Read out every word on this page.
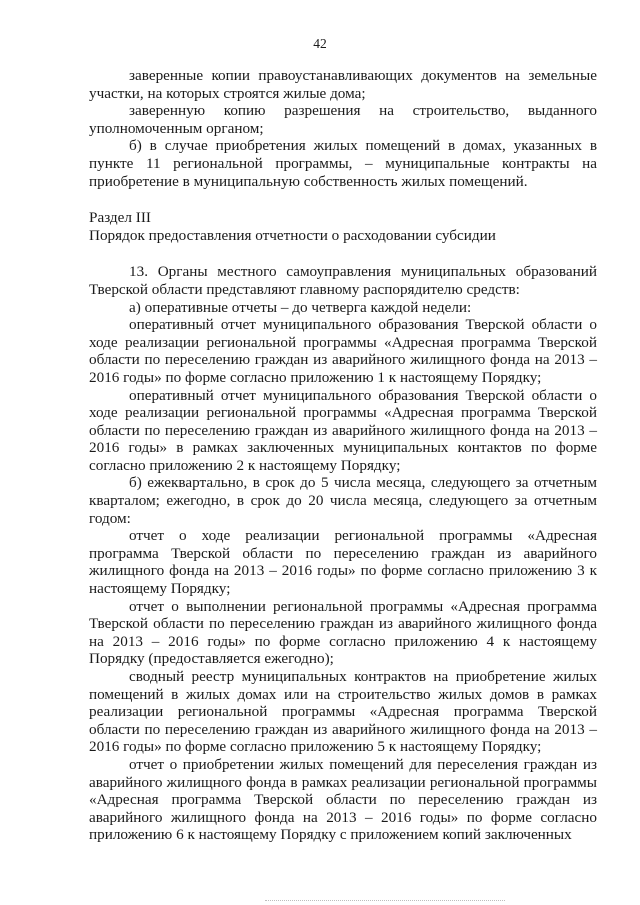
42

заверенные копии правоустанавливающих документов на земельные участки, на которых строятся жилые дома;

заверенную копию разрешения на строительство, выданного уполномоченным органом;

б) в случае приобретения жилых помещений в домах, указанных в пункте 11 региональной программы, – муниципальные контракты на приобретение в муниципальную собственность жилых помещений.

Раздел III

Порядок предоставления отчетности о расходовании субсидии

13. Органы местного самоуправления муниципальных образований Тверской области представляют главному распорядителю средств:

а) оперативные отчеты – до четверга каждой недели:

оперативный отчет муниципального образования Тверской области о ходе реализации региональной программы «Адресная программа Тверской области по переселению граждан из аварийного жилищного фонда на 2013 – 2016 годы» по форме согласно приложению 1 к настоящему Порядку;

оперативный отчет муниципального образования Тверской области о ходе реализации региональной программы «Адресная программа Тверской области по переселению граждан из аварийного жилищного фонда на 2013 –2016 годы» в рамках заключенных муниципальных контактов по форме согласно приложению 2 к настоящему Порядку;

б) ежеквартально, в срок до 5 числа месяца, следующего за отчетным кварталом; ежегодно, в срок до 20 числа месяца, следующего за отчетным годом:

отчет о ходе реализации региональной программы «Адресная программа Тверской области по переселению граждан из аварийного жилищного фонда на 2013 – 2016 годы» по форме согласно приложению 3 к настоящему Порядку;

отчет о выполнении региональной программы «Адресная программа Тверской области по переселению граждан из аварийного жилищного фонда на 2013 – 2016 годы» по форме согласно приложению 4 к настоящему Порядку (предоставляется ежегодно);

сводный реестр муниципальных контрактов на приобретение жилых помещений в жилых домах или на строительство жилых домов в рамках реализации региональной программы «Адресная программа Тверской области по переселению граждан из аварийного жилищного фонда на 2013 – 2016 годы» по форме согласно приложению 5 к настоящему Порядку;

отчет о приобретении жилых помещений для переселения граждан из аварийного жилищного фонда в рамках реализации региональной программы «Адресная программа Тверской области по переселению граждан из аварийного жилищного фонда на 2013 – 2016 годы» по форме согласно приложению 6 к настоящему Порядку с приложением копий заключенных
